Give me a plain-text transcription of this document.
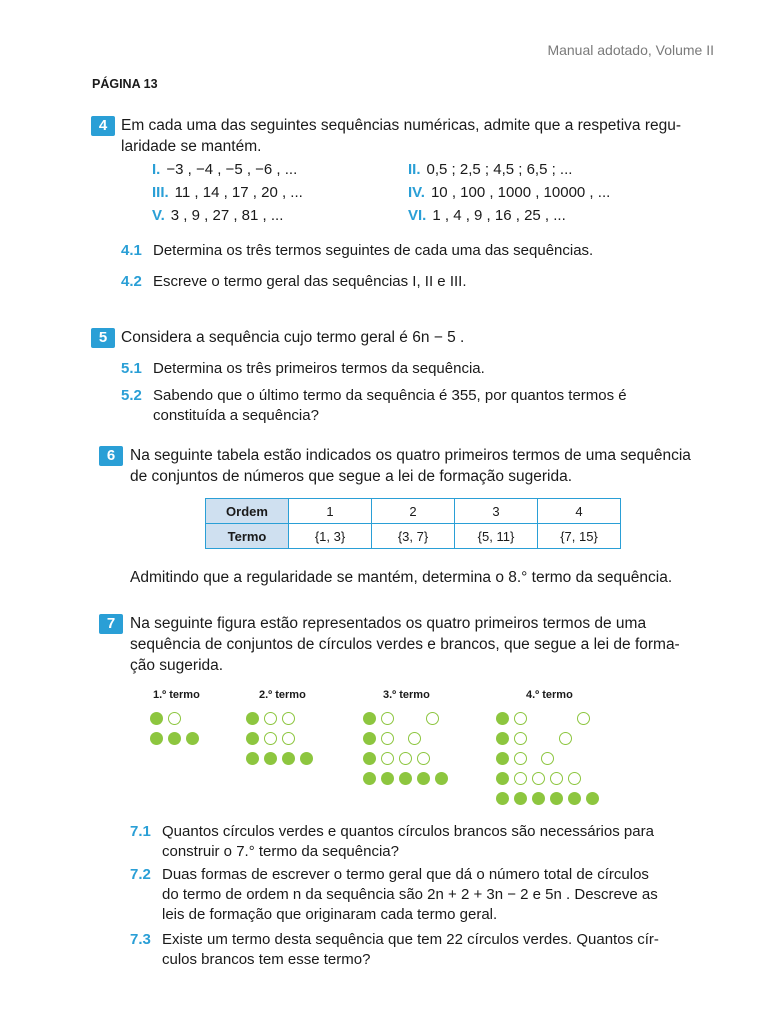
Manual adotado, Volume II
PÁGINA 13
4 Em cada uma das seguintes sequências numéricas, admite que a respetiva regu-
laridade se mantém.
I. −3 , −4 , −5 , −6 , ...	II. 0,5 ; 2,5 ; 4,5 ; 6,5 ; ...
III. 11 , 14 , 17 , 20 , ...	IV. 10 , 100 , 1000 , 10000 , ...
V. 3 , 9 , 27 , 81 , ...	VI. 1 , 4 , 9 , 16 , 25 , ...
4.1 Determina os três termos seguintes de cada uma das sequências.
4.2 Escreve o termo geral das sequências I, II e III.
5 Considera a sequência cujo termo geral é 6n − 5 .
5.1 Determina os três primeiros termos da sequência.
5.2 Sabendo que o último termo da sequência é 355, por quantos termos é
constituída a sequência?
6 Na seguinte tabela estão indicados os quatro primeiros termos de uma sequência
de conjuntos de números que segue a lei de formação sugerida.
Ordem	1	2	3	4
Termo	{1, 3}	{3, 7}	{5, 11}	{7, 15}
Admitindo que a regularidade se mantém, determina o 8.° termo da sequência.
7 Na seguinte figura estão representados os quatro primeiros termos de uma
sequência de conjuntos de círculos verdes e brancos, que segue a lei de forma-
ção sugerida.
1.º termo	2.º termo	3.º termo	4.º termo
7.1 Quantos círculos verdes e quantos círculos brancos são necessários para
construir o 7.° termo da sequência?
7.2 Duas formas de escrever o termo geral que dá o número total de círculos
do termo de ordem n da sequência são 2n + 2 + 3n − 2 e 5n . Descreve as
leis de formação que originaram cada termo geral.
7.3 Existe um termo desta sequência que tem 22 círculos verdes. Quantos cír-
culos brancos tem esse termo?
